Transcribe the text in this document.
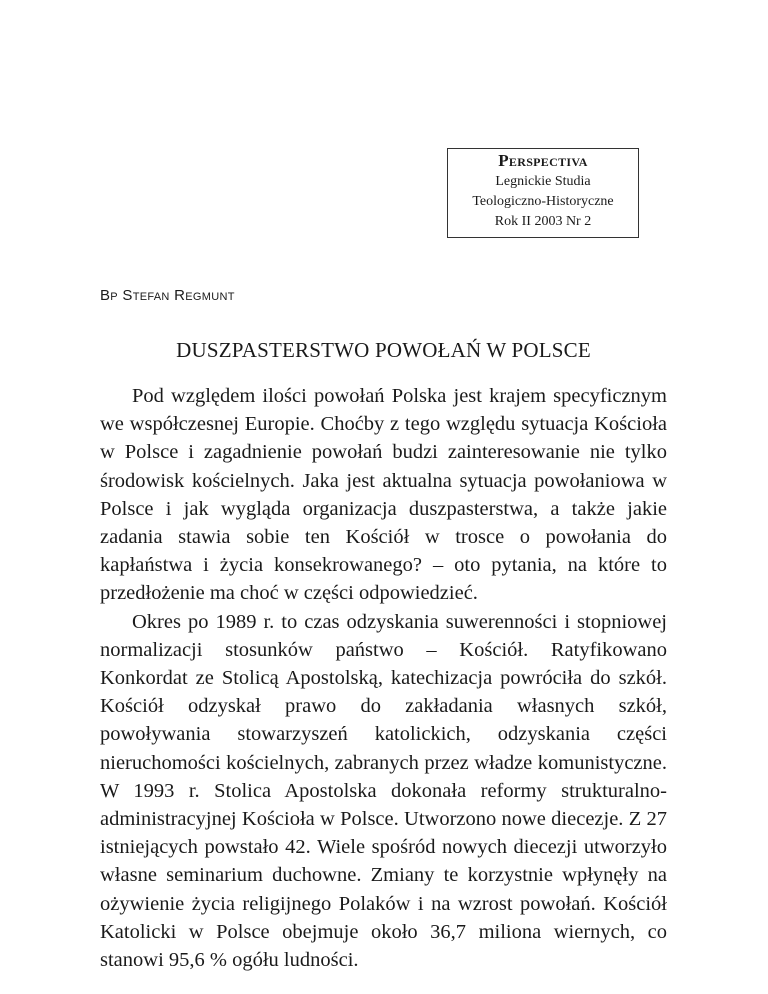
Perspectiva
Legnickie Studia
Teologiczno-Historyczne
Rok II 2003 Nr 2
Bp Stefan Regmunt
DUSZPASTERSTWO POWOŁAŃ W POLSCE

Pod względem ilości powołań Polska jest krajem specyficznym we współczesnej Europie. Choćby z tego względu sytuacja Kościoła w Polsce i zagadnienie powołań budzi zainteresowanie nie tylko środowisk kościelnych. Jaka jest aktualna sytuacja powołaniowa w Polsce i jak wygląda organizacja duszpasterstwa, a także jakie zadania stawia sobie ten Kościół w trosce o powołania do kapłaństwa i życia konsekrowanego? – oto pytania, na które to przedłożenie ma choć w części odpowiedzieć.

Okres po 1989 r. to czas odzyskania suwerenności i stopniowej normalizacji stosunków państwo – Kościół. Ratyfikowano Konkordat ze Stolicą Apostolską, katechizacja powróciła do szkół. Kościół odzyskał prawo do zakładania własnych szkół, powoływania stowarzyszeń katolickich, odzyskania części nieruchomości kościelnych, zabranych przez władze komunistyczne. W 1993 r. Stolica Apostolska dokonała reformy strukturalno-administracyjnej Kościoła w Polsce. Utworzono nowe diecezje. Z 27 istniejących powstało 42. Wiele spośród nowych diecezji utworzyło własne seminarium duchowne. Zmiany te korzystnie wpłynęły na ożywienie życia religijnego Polaków i na wzrost powołań. Kościół Katolicki w Polsce obejmuje około 36,7 miliona wiernych, co stanowi 95,6 % ogółu ludności.
